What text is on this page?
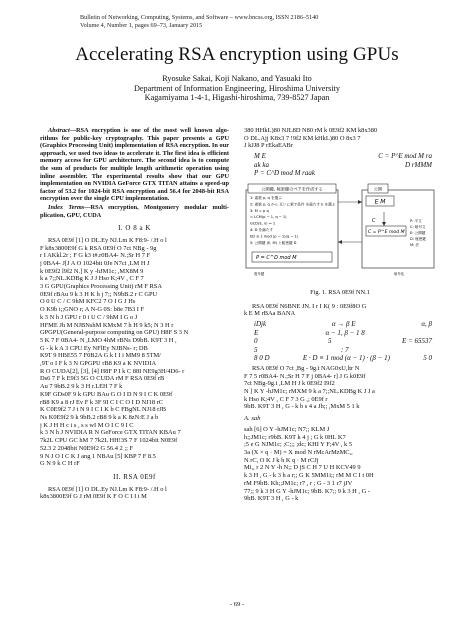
Bulletin of Networking, Computing, Systems, and Software – www.bncss.org, ISSN 2186–5140
Volume 4, Number 1, pages 69–73, January 2015
Accelerating RSA encryption using GPUs
Ryosuke Sakai, Koji Nakano, and Yasuaki Ito
Department of Information Engineering, Hiroshima University
Kagamiyama 1-4-1, Higashi-hiroshima, 739-8527 Japan
Abstract—RSA encryption is one of the most well known algo- rithms for public-key cryptography. This paper presents a GPU (Graphics Processing Unit) implementation of RSA encryption. In our approach, we used two ideas to accelerate it. The first idea is efficient memory access for GPU architecture. The second idea is to compute the sum of products for multiple length arithmetic operation using inline assembler. The experimental results show that our GPU implementation on NVIDIA GeForce GTX TITAN attains a speed-up factor of 53.2 for 1024-bit RSA encryption and 56.4 for 2048-bit RSA encryption over the single CPU implementation.
Index Terms—RSA encryption, Montgomery modular multi- plication, GPU, CUDA
I. O 8 a K
RSA 0E9f [1] O DL.Ey NJ.Lm K F8:9- /.H o l
F k8x3800E9f G k RSA 0E9f O 7ct NBg - 9g
r I AKkl.2r ; F G k3 t#.r0BA4- N.;Sr H 7 F
j 0BA4- J[J A O 1024bit 0Je N7ct ,LM H J
k 0E9f2 l9f2 N.] K y -hJM1c; ,MX8M 9
k a 7;;NL.KDBg K J J Hso K;4V , C F 7
3 G GPU(Graphics Processing Unit) rM F RSA
0E9f rBAu 9 k 3 H K h j 7;; N9bB.2 r C GPU
O 0 U C / C 9hM KFC2 7 O I G J Hs
O K9b i;;GNO r; A N-G 0S: b8e 7B3 I F
k 3 N h J GPU r 0 i U C / 9hM I G o J
HFME Jh M NJBNshM KMxM 7 h H 9 k5; N 3 H r
GPGPU(General-purpose computing on GPU) H8F S 3 N
5 K 7 F 0BA4- N ,LMO 4hM rBNs D9bB. K9T 3 H ,
G - k k A 3 CPU Ey NFlEy NJBNs- r; DB
K9T 9 HBE55 7 F0B2A G k I I i MM9 8 5TM/
,9T o I F k 3 N GPGPU rB8 K9 a K NVIDIA
R O CUDA[2], [3], [4] H8F P I k C 88I NE9g3H/4D6- r
Ds6 7 F k E9f3 5G O CUDA rM F RSA 0E9f rB
Au 7 9bB.2 9 k 3 H r.LEH 7 F k
K9F GDs0F 9 k GPU BAu G O I D N 9 I C K 0E9f
rB8 K9 a 8 rJ Ev F k 3F 9I C I C O I D NJ18 rC
K C0E9f2 7 J t N 9 I C I K b C FBgNL NJ18 rJB
Ns K0E9f2 9 k 9bB.2 rB8 9 k a K 8zN:E J a b
j K J H H c i s , s s wI M O I C 9 I C
k 3 N h J NVIDIA R N GeForce GTX TITAN KBAu 7
7k2L CPU GC hM 7 7k2L HH!3S 7 F 1024bit N0E9f
52.3 2 2048bit N0E9f2 G 56.4 2 ;; F
9 N J O I C K J ang 1 NBAu [5] KBP 7 F 8.5
G N 9 k C H rF
II. RSA 0E9f
RSA 0E9f [1] O DL.Ey NJ.Lm K F8:9- /.H o l
k8x3800E9f G J rM 0E9f K F O C I I i M
380 HHkL)80 NJL8D N80 rM k 0E9f2 KM k8x380
O DL.Ajj K8x3 7 !9f2 KM kHkL)80 O 8x3 7
J kJJ8 P rEkaEABr
M E	C = P^E mod M ra
ak ka	D rMMM
P = C^D mod M raak
公開鍵, 秘密鍵のペアを作成する
1: 素数 p, q を選ぶ
2: 素数 p, q から 互いに素で条件 を満たす E を選ぶ
3: M = p q
= LCM(p − 1, q − 1)
GCD(E, λ) = 1
4: D を満たす
ED ≡ 1 mod (p − 1)(q − 1)
5: 公開鍵 (E, M) と秘密鍵 D
P = C^D mod M
復号鍵
公開
E M
C
C = P^E mod M
P: 平文
C: 暗号文
E: 公開鍵
D: 秘密鍵
M: 法
暗号化
Fig. 1. RSA 0E9f NN.1
RSA 0E9f N6BNE JN. I r I K( 9 : 0E9f8O G
k E M rBAa BANA
iDjk	α → β E	α, β
E	α − 1, β − 1 8
0	5	E = 65537
5	: 7
8 0 D	E · D ≡ 1 mod (α − 1) · (β − 1)	5 0
RSA 0E9f O 7ct ,Bg - 9g.t NAG0xU,ltr N
F 7 5 r0BA4- N.;Sr H 7 F j 0BA4- r] J G k0E9f
7ct NBg-9g.t ,LM H J k 0E9f2 I9f2
N ] K Y -hJM1c; rMXM 9 k a 7;;NL.KDBg K J J a
k Hso K;4V , C F 7 3 G ,; 0E9f r
9bB. K9T 3 H , G - k b s 4 a Jh;; ,MxM 5 1 k
A. sah
sah [6] O Y -hJM1c; N7;; KLM J
h;;JM1c; r9bB. K9T k 4 j ; G k 0HL K7
;5 e G NJM1c; ;C;;; ;dc; KHI Y F;4V , k 5
3a (X × q · M) = X mod N rMcArMzMC,,
N rC, O K J k h K q · M rCJj
Mi,, r 2 N Y -h N;; D jS C H 7 U H KCV49 9
k 3 H , G - k 3 h a r;; G K 5MM1i;; rM M C I t 0H
rM F9bB. Kh;;JM1c; r7 , r ; G - 3 1 r7 jJV
77;; 9 k 3 H G Y -hJM1c; 9bB. K7;; 9 k 3 H , G -
9bB. K9T 3 H , G - k
- 69 -
